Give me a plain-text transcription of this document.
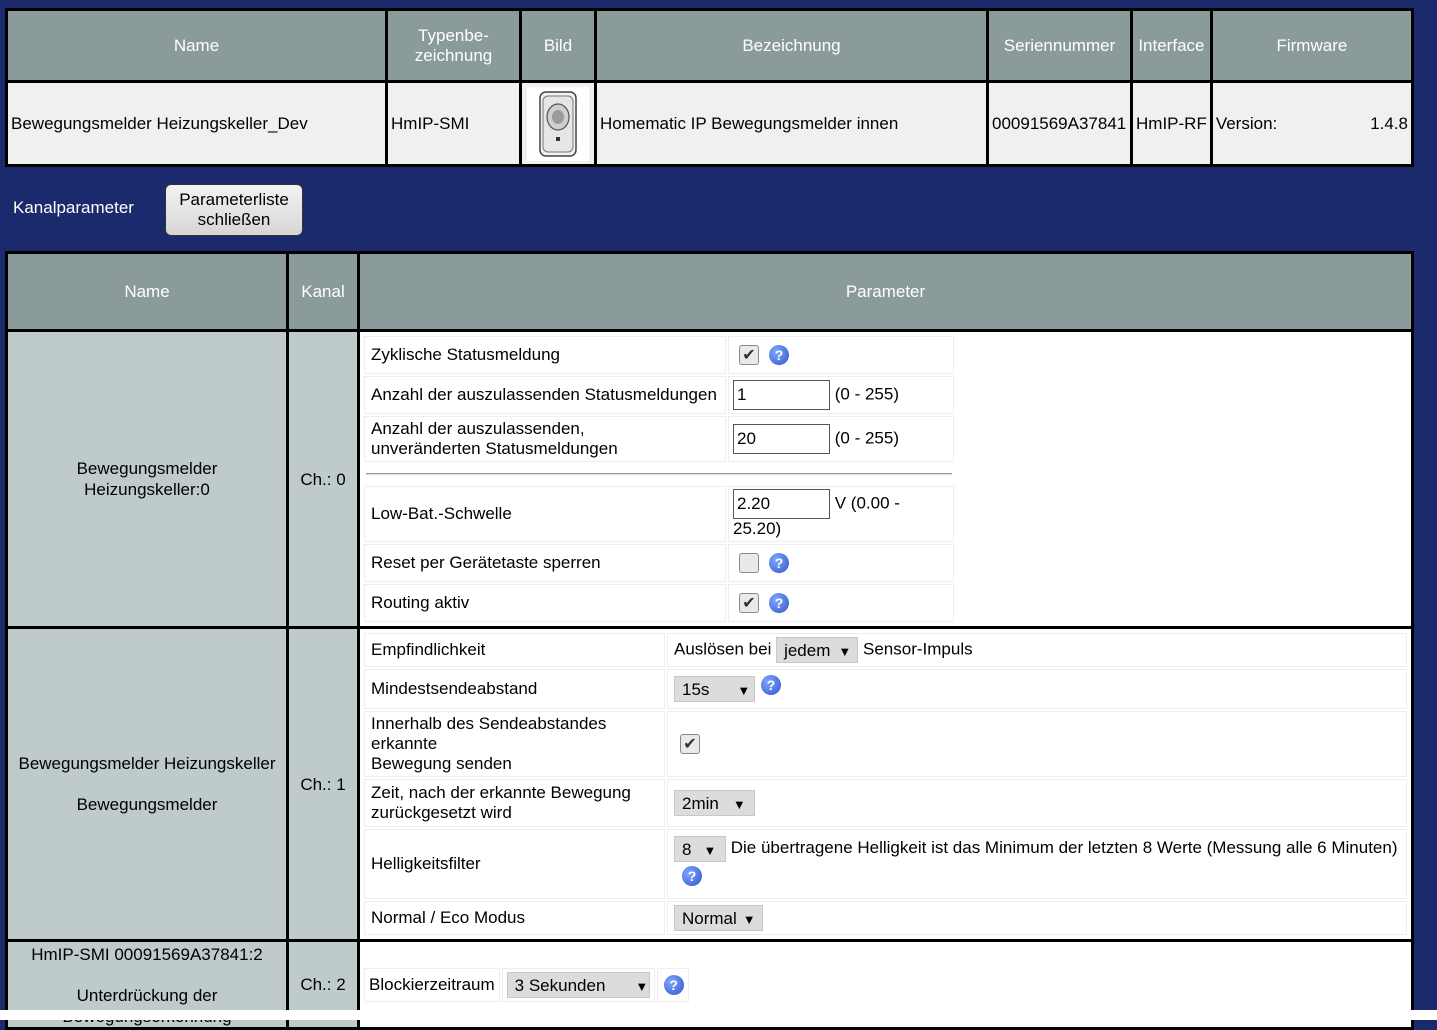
Name	Typenbe-
zeichnung	Bild	Bezeichnung	Seriennummer	Interface	Firmware
Bewegungsmelder Heizungskeller_Dev	HmIP-SMI		Homematic IP Bewegungsmelder innen	00091569A37841	HmIP-RF	Version: 1.4.8
Kanalparameter	Parameterliste
schließen
Name	Kanal	Parameter
Bewegungsmelder
Heizungskeller:0	Ch.: 0	
Zyklische Statusmeldung	✔ ?
Anzahl der auszulassenden Statusmeldungen	1(0 - 255)
Anzahl der auszulassenden,
unveränderten Statusmeldungen	20 (0 - 255)

Low-Bat.-Schwelle	2.20 V (0.00 - 25.20)
Reset per Gerätetaste sperren	?
Routing aktiv	✔ ?

Bewegungsmelder Heizungskeller
Bewegungsmelder
	Ch.: 1	
Empfindlichkeit	Auslösen bei jedem ▼ Sensor-Impuls
Mindestsendeabstand	15s ▼ ?
Innerhalb des Sendeabstandes
erkannte
Bewegung senden	✔
Zeit, nach der erkannte Bewegung
zurückgesetzt wird	2min ▼
Helligkeitsfilter	8 ▼ Die übertragene Helligkeit ist das Minimum der letzten 8 Werte (Messung alle 6 Minuten)?
Normal / Eco Modus	Normal ▼

HmIP-SMI 00091569A37841:2
Unterdrückung der

	Ch.: 2	Blockierzeitraum	3 Sekunden ▼	?
